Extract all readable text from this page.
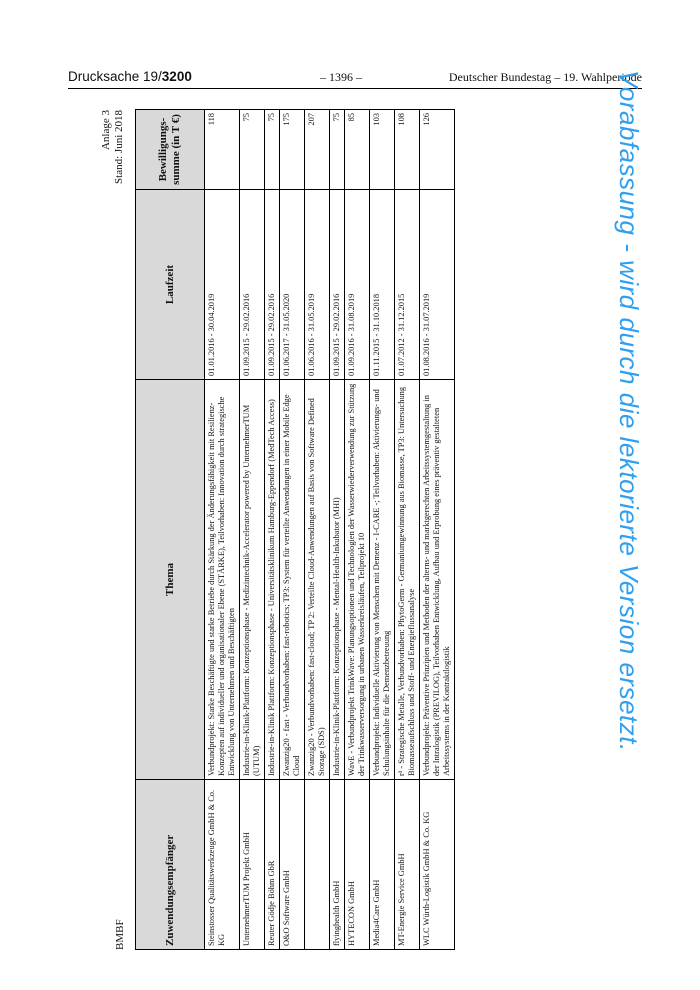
Drucksache 19/3200	– 1396 –	Deutscher Bundestag – 19. Wahlperiode
BMBF
Anlage 3 Stand: Juni 2018
Zuwendungsempfänger	Thema	Laufzeit	Bewilligungs-summe (in T €)
Steinstosser Qualitätswerkzeuge GmbH & Co. KG	Verbundprojekt: Starke Beschäftigte und starke Betriebe durch Stärkung der Änderungsfähigkeit mit Resilienz-Konzepten auf individueller und organisationaler Ebene (STÄRKE), Teilvorhaben: Innovation durch strategische Entwicklung von Unternehmen und Beschäftigten	01.01.2016 - 30.04.2019	118
UnternehmerTUM Projekt GmbH	Industrie-in-Klinik-Plattform: Konzeptionsphase - Medizintechnik-Accelerator powered by UnternehmerTUM (UTUM)	01.09.2015 - 29.02.2016	75
Reuter Gödje Böhm GbR	Industrie-in-Klinik Plattform: Konzeptionsphase - Universitätsklinikum Hamburg-Eppendorf (MedTech Access)	01.09.2015 - 29.02.2016	75
O&O Software GmbH	Zwanzig20 - fast - Verbundvorhaben: fast-robotics; TP3: System für verteilte Anwendungen in einer Mobile Edge Cloud	01.06.2017 - 31.05.2020	175
	Zwanzig20 - Verbundvorhaben: fast-cloud; TP 2: Verteilte Cloud-Anwendungen auf Basis von Software Defined Storage (SDS)	01.06.2016 - 31.05.2019	207
flyinghealth GmbH	Industrie-in-Klinik-Plattform: Konzeptionsphase - Mental-Health-Inkubator (MHI)	01.09.2015 - 29.02.2016	75
HYTECON GmbH	WavE - Verbundprojekt TrinkWave: Planungsoptionen und Technologien der Wasserwiederverwendung zur Stützung der Trinkwasserversorgung in urbanen Wasserkreisläufen, Teilprojekt 10	01.09.2016 - 31.08.2019	85
Media4Care GmbH	Verbundprojekt: Individuelle Aktivierung von Menschen mit Demenz - I-CARE -; Teilvorhaben: Aktivierungs- und Schulungsinhalte für die Demenzbetreuung	01.11.2015 - 31.10.2018	103
MT-Energie Service GmbH	r³ - Strategische Metalle, Verbundvorhaben: PhytoGerm - Germaniumgewinnung aus Biomasse, TP3: Untersuchung Biomasseaufschluss und Stoff- und Energieflussanalyse	01.07.2012 - 31.12.2015	108
WLC Würth-Logistik GmbH & Co. KG	Verbundprojekt: Präventive Prinzipien und Methoden der alterns- und marktgerechten Arbeitssystemgestaltung in der Intralogistik (PREVILOG), Teilvorhaben Entwicklung, Aufbau und Erprobung eines präventiv gestalteten Arbeitssystems in der Kontraktlogistik	01.08.2016 - 31.07.2019	126	Vorabfassung - wird durch die lektorierte Version ersetzt.
